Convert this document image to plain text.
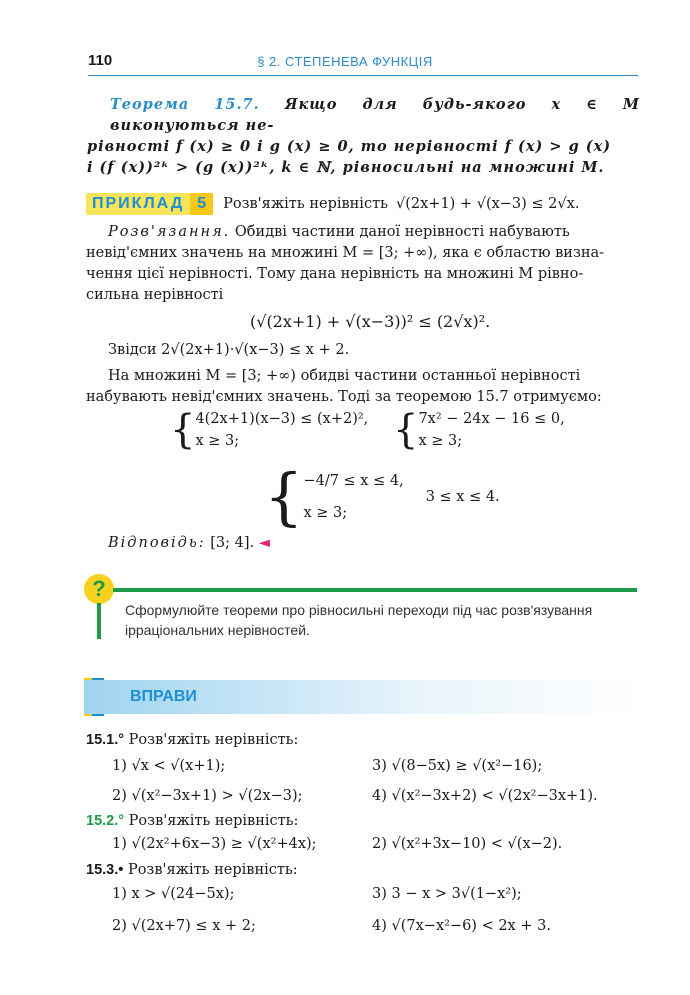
110	§ 2. СТЕПЕНЕВА ФУНКЦІЯ
Теорема 15.7. Якщо для будь-якого x ∈ M виконуються не-
рівності f (x) ≥ 0 і g (x) ≥ 0, то нерівності f (x) > g (x)
і (f (x))²ᵏ > (g (x))²ᵏ, k ∈ ℕ, рівносильні на множині M.
ПРИКЛАД 5	Розв'яжіть нерівність √(2x+1) + √(x−3) ≤ 2√x.
Розв'язання. Обидві частини даної нерівності набувають
невід'ємних значень на множині M = [3; +∞), яка є областю визна-
чення цієї нерівності. Тому дана нерівність на множині M рівно-
сильна нерівності
(√(2x+1) + √(x−3))² ≤ (2√x)².
Звідси 2√(2x+1)·√(x−3) ≤ x + 2.
На множині M = [3; +∞) обидві частини останньої нерівності
набувають невід'ємних значень. Тоді за теоремою 15.7 отримуємо:
{ 4(2x+1)(x−3) ≤ (x+2)²,
x ≥ 3;	{ 7x² − 24x − 16 ≤ 0,
x ≥ 3;
{ −4/7 ≤ x ≤ 4,
x ≥ 3;
3 ≤ x ≤ 4.
Відповідь: [3; 4]. ◄
?
Сформулюйте теореми про рівносильні переходи під час розв'язування
ірраціональних нерівностей.
ВПРАВИ
15.1.° Розв'яжіть нерівність:
1) √x < √(x+1);	3) √(8−5x) ≥ √(x²−16);
2) √(x²−3x+1) > √(2x−3);	4) √(x²−3x+2) < √(2x²−3x+1).
15.2.° Розв'яжіть нерівність:
1) √(2x²+6x−3) ≥ √(x²+4x);	2) √(x²+3x−10) < √(x−2).
15.3.• Розв'яжіть нерівність:
1) x > √(24−5x);	3) 3 − x > 3√(1−x²);
2) √(2x+7) ≤ x + 2;	4) √(7x−x²−6) < 2x + 3.
